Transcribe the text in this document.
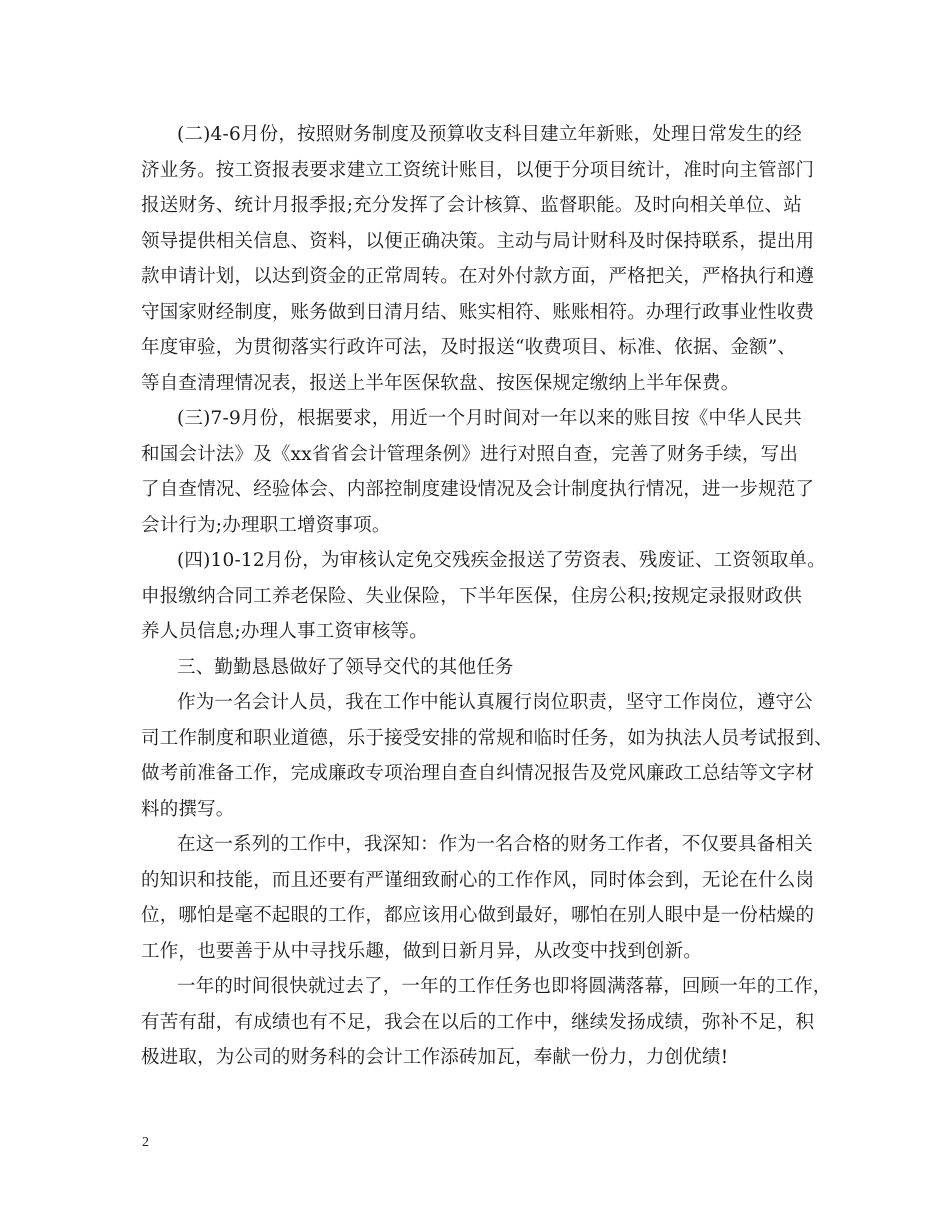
(二)4-6月份，按照财务制度及预算收支科目建立年新账，处理日常发生的经
济业务。按工资报表要求建立工资统计账目，以便于分项目统计，准时向主管部门
报送财务、统计月报季报;充分发挥了会计核算、监督职能。及时向相关单位、站
领导提供相关信息、资料，以便正确决策。主动与局计财科及时保持联系，提出用
款申请计划，以达到资金的正常周转。在对外付款方面，严格把关，严格执行和遵
守国家财经制度，账务做到日清月结、账实相符、账账相符。办理行政事业性收费
年度审验，为贯彻落实行政许可法，及时报送“收费项目、标准、依据、金额”、
等自查清理情况表，报送上半年医保软盘、按医保规定缴纳上半年保费。
(三)7-9月份，根据要求，用近一个月时间对一年以来的账目按《中华人民共
和国会计法》及《xx省省会计管理条例》进行对照自查，完善了财务手续，写出
了自查情况、经验体会、内部控制度建设情况及会计制度执行情况，进一步规范了
会计行为;办理职工增资事项。
(四)10-12月份，为审核认定免交残疾金报送了劳资表、残废证、工资领取单。
申报缴纳合同工养老保险、失业保险，下半年医保，住房公积;按规定录报财政供
养人员信息;办理人事工资审核等。
三、勤勤恳恳做好了领导交代的其他任务
作为一名会计人员，我在工作中能认真履行岗位职责，坚守工作岗位，遵守公
司工作制度和职业道德，乐于接受安排的常规和临时任务，如为执法人员考试报到、
做考前准备工作，完成廉政专项治理自查自纠情况报告及党风廉政工总结等文字材
料的撰写。
在这一系列的工作中，我深知：作为一名合格的财务工作者，不仅要具备相关
的知识和技能，而且还要有严谨细致耐心的工作作风，同时体会到，无论在什么岗
位，哪怕是毫不起眼的工作，都应该用心做到最好，哪怕在别人眼中是一份枯燥的
工作，也要善于从中寻找乐趣，做到日新月异，从改变中找到创新。
一年的时间很快就过去了，一年的工作任务也即将圆满落幕，回顾一年的工作，
有苦有甜，有成绩也有不足，我会在以后的工作中，继续发扬成绩，弥补不足，积
极进取，为公司的财务科的会计工作添砖加瓦，奉献一份力，力创优绩!
2
